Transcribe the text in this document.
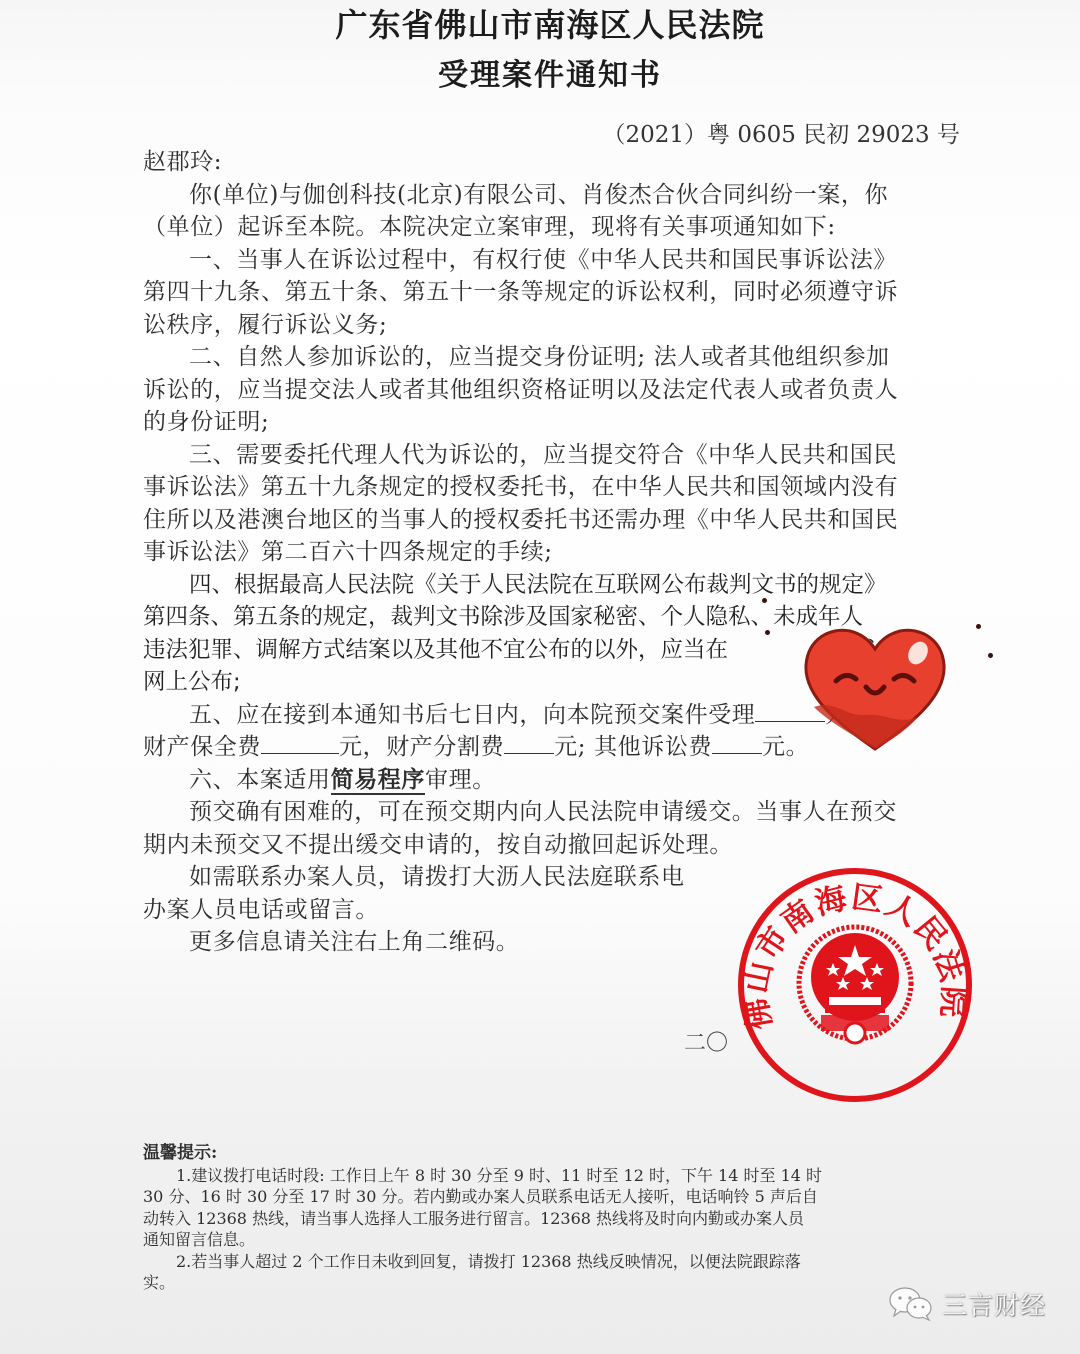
广东省佛山市南海区人民法院
受理案件通知书
（2021）粤 0605 民初 29023 号
赵郡玲:
你(单位)与伽创科技(北京)有限公司、肖俊杰合伙合同纠纷一案，你
（单位）起诉至本院。本院决定立案审理，现将有关事项通知如下:
一、当事人在诉讼过程中，有权行使《中华人民共和国民事诉讼法》
第四十九条、第五十条、第五十一条等规定的诉讼权利，同时必须遵守诉
讼秩序，履行诉讼义务;
二、自然人参加诉讼的，应当提交身份证明; 法人或者其他组织参加
诉讼的，应当提交法人或者其他组织资格证明以及法定代表人或者负责人
的身份证明;
三、需要委托代理人代为诉讼的，应当提交符合《中华人民共和国民
事诉讼法》第五十九条规定的授权委托书，在中华人民共和国领域内没有
住所以及港澳台地区的当事人的授权委托书还需办理《中华人民共和国民
事诉讼法》第二百六十四条规定的手续;
四、根据最高人民法院《关于人民法院在互联网公布裁判文书的规定》
第四条、第五条的规定，裁判文书除涉及国家秘密、个人隐私、未成年人
违法犯罪、调解方式结案以及其他不宜公布的以外，应当在
网上公布;
五、应在接到本通知书后七日内，向本院预交案件受理
财产保全费	元，财产分割费 元; 其他诉讼费 元。
六、本案适用简易程序审理。
预交确有困难的，可在预交期内向人民法院申请缓交。当事人在预交
期内未预交又不提出缓交申请的，按自动撤回起诉处理。
如需联系办案人员，请拨打大沥人民法庭联系电
办案人员电话或留言。
更多信息请关注右上角二维码。
二〇
佛山市南海区人民法院
温馨提示:
1.建议拨打电话时段: 工作日上午 8 时 30 分至 9 时、11 时至 12 时，下午 14 时至 14 时
30 分、16 时 30 分至 17 时 30 分。若内勤或办案人员联系电话无人接听，电话响铃 5 声后自
动转入 12368 热线，请当事人选择人工服务进行留言。12368 热线将及时向内勤或办案人员
通知留言信息。
2.若当事人超过 2 个工作日未收到回复，请拨打 12368 热线反映情况，以便法院跟踪落
实。
三言财经
